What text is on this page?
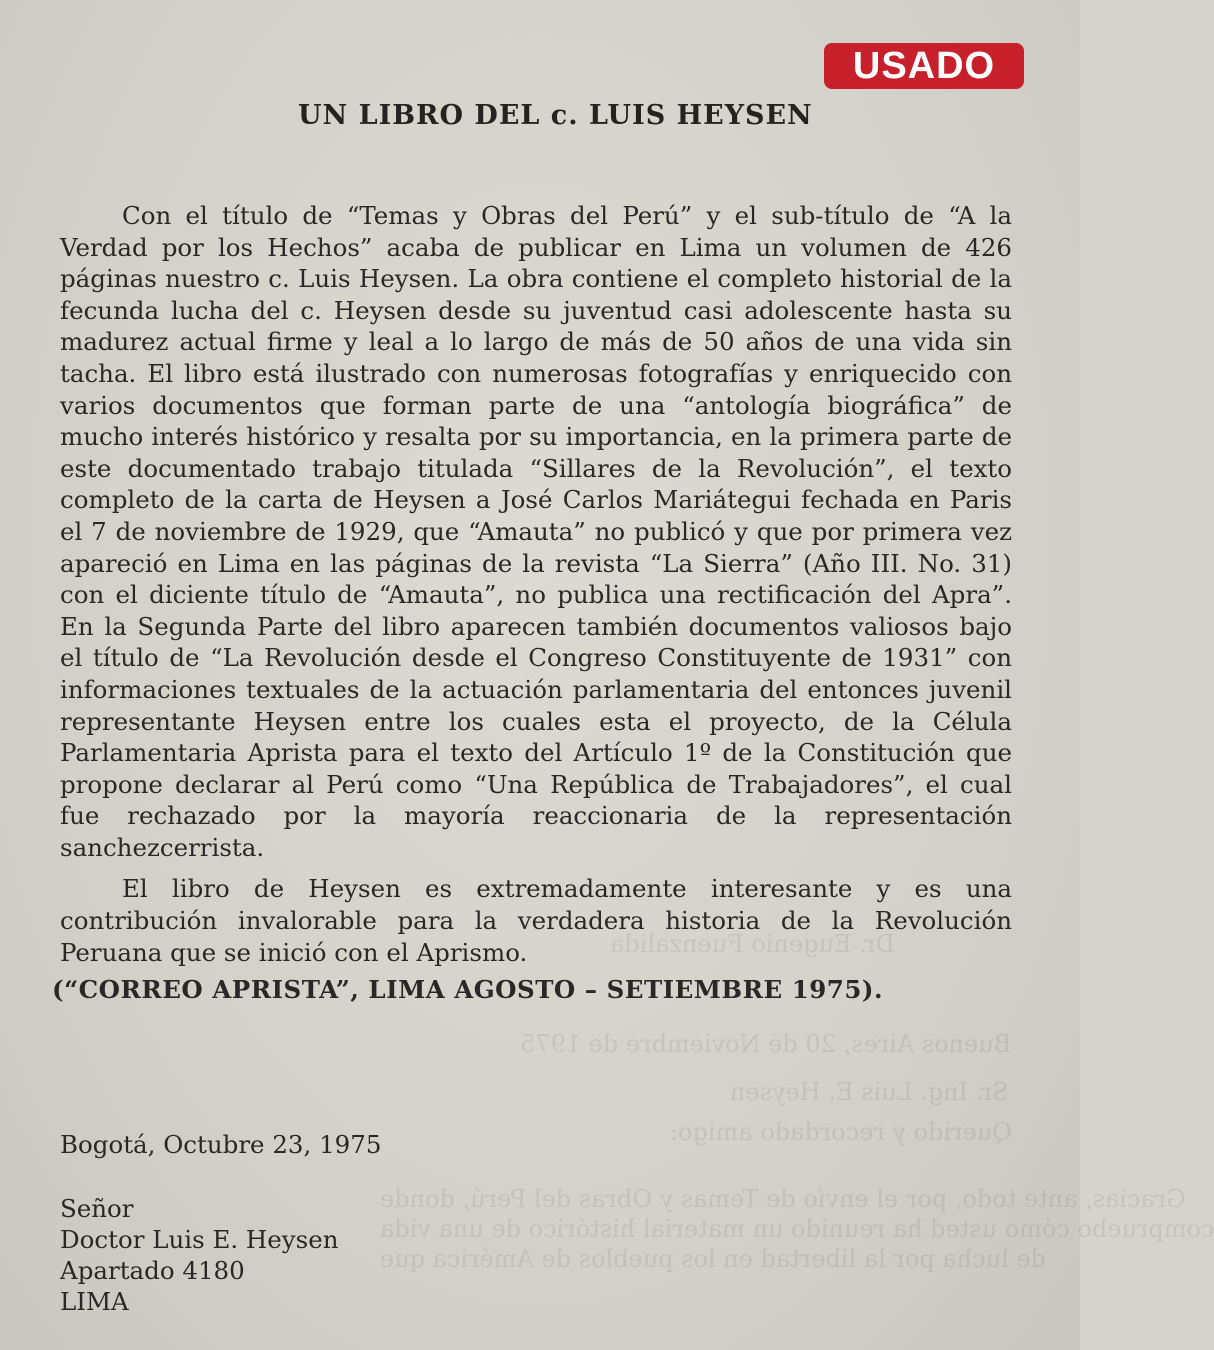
Dr. Eugenio Fuenzalida
Buenos Aires, 20 de Noviembre de 1975
Sr. Ing. Luis E. Heysen
Querido y recordado amigo:
Gracias, ante todo, por el envío de Temas y Obras del Perú, donde
compruebo cómo usted ha reunido un material histórico de una vida
de lucha por la libertad en los pueblos de América que
USADO
UN LIBRO DEL c. LUIS HEYSEN

Con el título de “Temas y Obras del Perú” y el sub-título de “A la Verdad por los Hechos” acaba de publicar en Lima un volumen de 426 páginas nuestro c. Luis Heysen. La obra contiene el completo historial de la fecunda lucha del c. Heysen desde su juventud casi adolescente hasta su madurez actual firme y leal a lo largo de más de 50 años de una vida sin tacha. El libro está ilustrado con numerosas fotografías y enriquecido con varios documentos que forman parte de una “antología biográfica” de mucho interés histórico y resalta por su importancia, en la primera parte de este documentado trabajo titulada “Sillares de la Revolución”, el texto completo de la carta de Heysen a José Carlos Mariátegui fechada en Paris el 7 de noviembre de 1929, que “Amauta” no publicó y que por primera vez apareció en Lima en las páginas de la revista “La Sierra” (Año III. No. 31) con el diciente título de “Amauta”, no publica una rectificación del Apra”. En la Segunda Parte del libro aparecen también documentos valiosos bajo el título de “La Revolución desde el Congreso Constituyente de 1931” con informaciones textuales de la actuación parlamentaria del entonces juvenil representante Heysen entre los cuales esta el proyecto, de la Célula Parlamentaria Aprista para el texto del Artículo 1º de la Constitución que propone declarar al Perú como “Una República de Trabajadores”, el cual fue rechazado por la mayoría reaccionaria de la representación sanchezcerrista.

El libro de Heysen es extremadamente interesante y es una contribución invalorable para la verdadera historia de la Revolución Peruana que se inició con el Aprismo.

(“CORREO APRISTA”, LIMA AGOSTO – SETIEMBRE 1975).
Bogotá, Octubre 23, 1975
Señor
Doctor Luis E. Heysen
Apartado 4180
LIMA
